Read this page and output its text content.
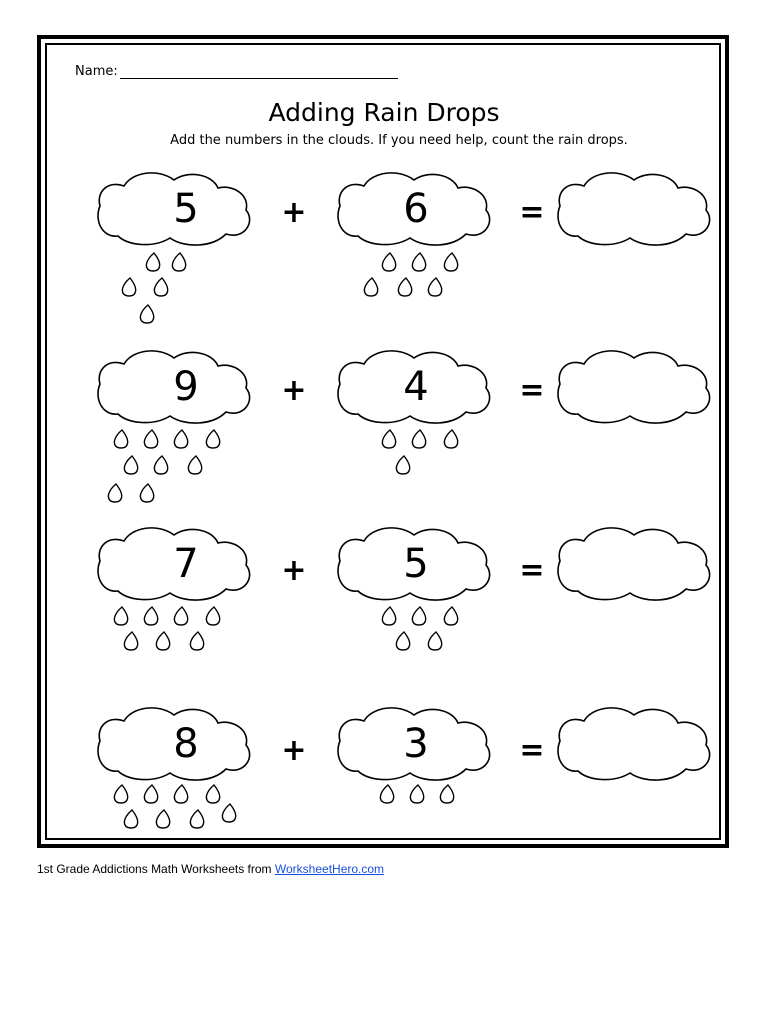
Name:
Adding Rain Drops
Add the numbers in the clouds. If you need help, count the rain drops.
5	+ 6	=
9	+ 4	=
7	+ 5	=
8	+ 3	=
1st Grade Addictions Math Worksheets from WorksheetHero.com
